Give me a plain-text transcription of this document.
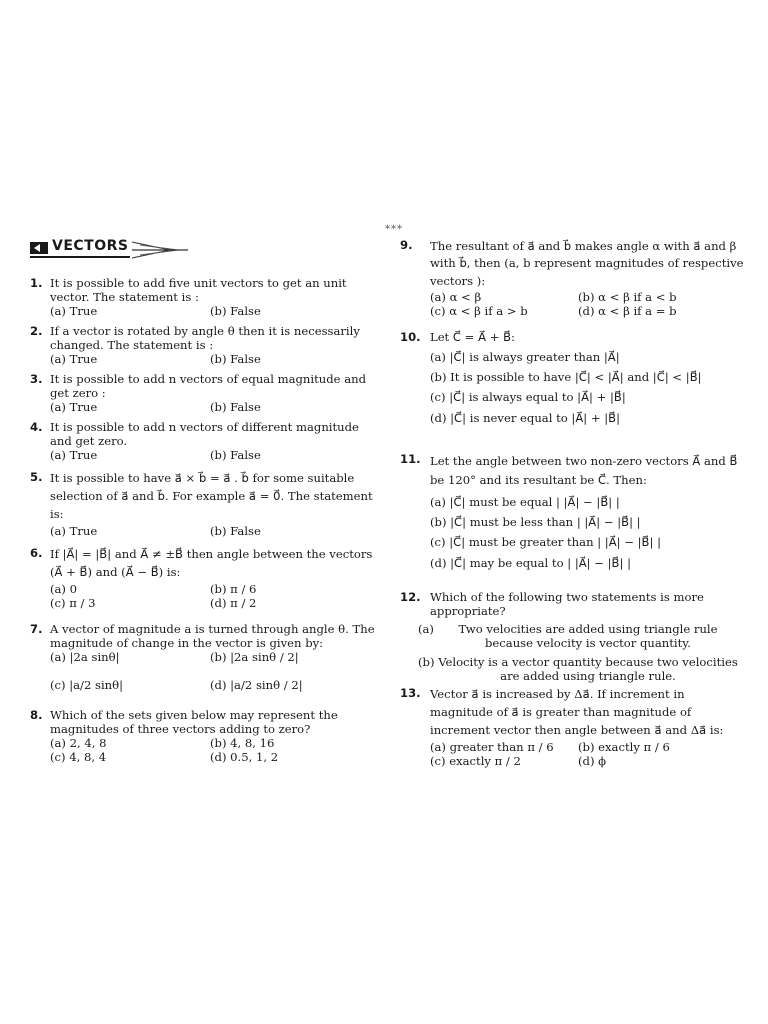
***
VECTORS
1. It is possible to add five unit vectors to get an unit vector. The statement is :
(a) True	(b) False
2. If a vector is rotated by angle θ then it is necessarily changed. The statement is :
(a) True	(b) False
3. It is possible to add n vectors of equal magnitude and get zero :
(a) True	(b) False
4. It is possible to add n vectors of different magnitude and get zero.
(a) True	(b) False
5. It is possible to have a⃗ × b⃗ = a⃗ . b⃗ for some suitable selection of a⃗ and b⃗. For example a⃗ = 0⃗. The statement is:
(a) True	(b) False
6. If |A⃗| = |B⃗| and A⃗ ≠ ±B⃗ then angle between the vectors (A⃗ + B⃗) and (A⃗ − B⃗) is:
(a) 0	(b) π / 6
(c) π / 3	(d) π / 2
7. A vector of magnitude a is turned through angle θ. The magnitude of change in the vector is given by:
(a) |2a sinθ|	(b) |2a sinθ / 2|
(c) |a/2 sinθ|	(d) |a/2 sinθ / 2|
8. Which of the sets given below may represent the magnitudes of three vectors adding to zero?
(a) 2, 4, 8	(b) 4, 8, 16
(c) 4, 8, 4	(d) 0.5, 1, 2
9. The resultant of a⃗ and b⃗ makes angle α with a⃗ and β with b⃗, then (a, b represent magnitudes of respective vectors ):
(a) α < β	(b) α < β if a < b
(c) α < β if a > b	(d) α < β if a = b
10. Let C⃗ = A⃗ + B⃗:
(a) |C⃗| is always greater than |A⃗|
(b) It is possible to have |C⃗| < |A⃗| and |C⃗| < |B⃗|
(c) |C⃗| is always equal to |A⃗| + |B⃗|
(d) |C⃗| is never equal to |A⃗| + |B⃗|
11. Let the angle between two non-zero vectors A⃗ and B⃗ be 120° and its resultant be C⃗. Then:
(a) |C⃗| must be equal | |A⃗| − |B⃗| |
(b) |C⃗| must be less than | |A⃗| − |B⃗| |
(c) |C⃗| must be greater than | |A⃗| − |B⃗| |
(d) |C⃗| may be equal to | |A⃗| − |B⃗| |
12. Which of the following two statements is more appropriate?
(a) Two velocities are added using triangle rule because velocity is vector quantity.
(b) Velocity is a vector quantity because two velocities are added using triangle rule.
13. Vector a⃗ is increased by Δa⃗. If increment in magnitude of a⃗ is greater than magnitude of increment vector then angle between a⃗ and Δa⃗ is:
(a) greater than π / 6 (b) exactly π / 6
(c) exactly π / 2	(d) ϕ
